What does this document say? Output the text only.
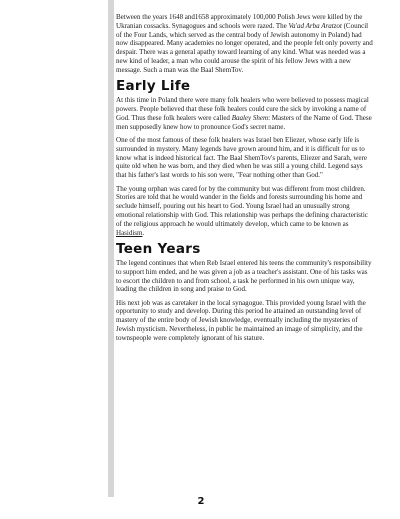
Between the years 1648 and1658 approximately 100,000 Polish Jews were killed by the Ukranian cossacks. Synagogues and schools were razed. The Va'ad Arba Aratzot (Council of the Four Lands, which served as the central body of Jewish autonomy in Poland) had now disappeared. Many academies no longer operated, and the people felt only poverty and despair. There was a general apathy toward learning of any kind. What was needed was a new kind of leader, a man who could arouse the spirit of his fellow Jews with a new message. Such a man was the Baal ShemTov.

Early Life

At this time in Poland there were many folk healers who were believed to possess magical powers. People believed that these folk healers could cure the sick by invoking a name of God. Thus these folk healers were called Baaley Shem: Masters of the Name of God. These men supposedly knew how to pronounce God's secret name.

One of the most famous of these folk healers was Israel ben Eliezer, whose early life is surrounded in mystery. Many legends have grown around him, and it is difficult for us to know what is indeed historical fact. The Baal ShemTov's parents, Eliezer and Sarah, were quite old when he was born, and they died when he was still a young child. Legend says that his father's last words to his son were, "Fear nothing other than God."

The young orphan was cared for by the community but was different from most children. Stories are told that he would wander in the fields and forests surrounding his home and seclude himself, pouring out his heart to God. Young Israel had an unusually strong emotional relationship with God. This relationship was perhaps the defining characteristic of the religious approach he would ultimately develop, which came to be known as Hasidism.

Teen Years

The legend continues that when Reb Israel entered his teens the community's responsibility to support him ended, and he was given a job as a teacher's assistant. One of his tasks was to escort the children to and from school, a task he performed in his own unique way, leading the children in song and praise to God.

His next job was as caretaker in the local synagogue. This provided young Israel with the opportunity to study and develop. During this period he attained an outstanding level of mastery of the entire body of Jewish knowledge, eventually including the mysteries of Jewish mysticism. Nevertheless, in public he maintained an image of simplicity, and the townspeople were completely ignorant of his stature.

2
